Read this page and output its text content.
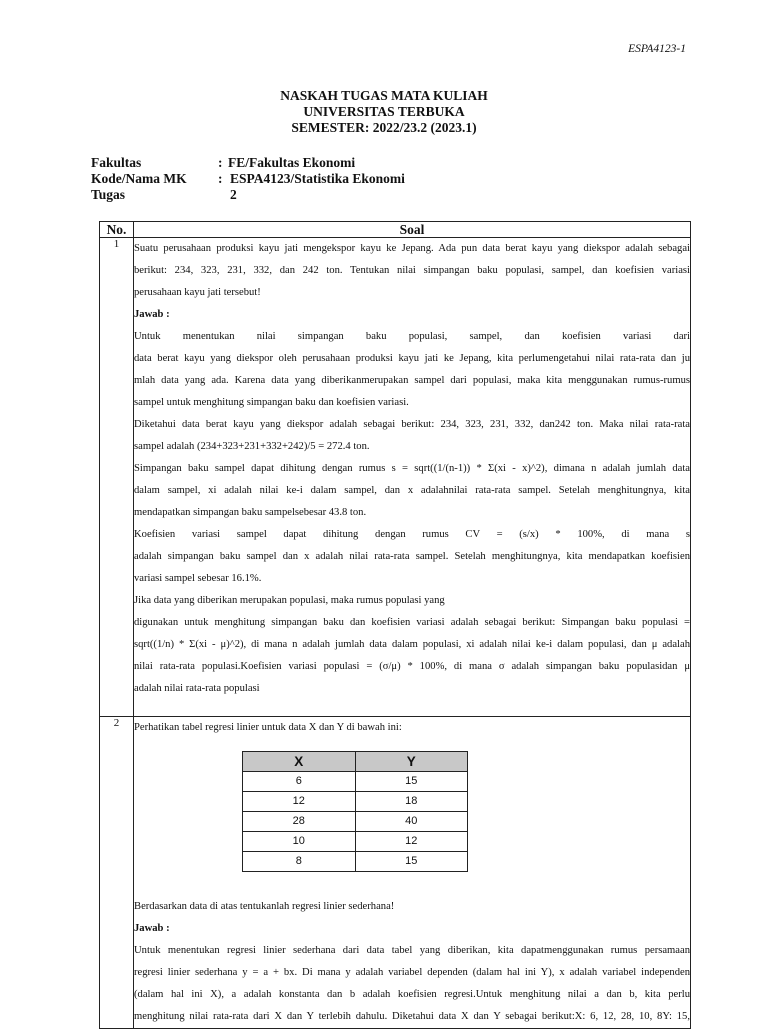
ESPA4123-1
NASKAH TUGAS MATA KULIAH
UNIVERSITAS TERBUKA
SEMESTER: 2022/23.2 (2023.1)
Fakultas	: FE/Fakultas Ekonomi
Kode/Nama MK	: ESPA4123/Statistika Ekonomi
Tugas	2
No.	Soal
1	Suatu perusahaan produksi kayu jati mengekspor kayu ke Jepang. Ada pun data berat kayu yang diekspor adalah sebagai
berikut: 234, 323, 231, 332, dan 242 ton. Tentukan nilai simpangan baku populasi, sampel, dan koefisien variasi
perusahaan kayu jati tersebut!
Jawab :
Untuk menentukan nilai simpangan baku populasi, sampel, dan koefisien variasi dari
data berat kayu yang diekspor oleh perusahaan produksi kayu jati ke Jepang, kita perlumengetahui nilai rata-rata dan ju
mlah data yang ada. Karena data yang diberikanmerupakan sampel dari populasi, maka kita menggunakan rumus-rumus
sampel untuk menghitung simpangan baku dan koefisien variasi.
Diketahui data berat kayu yang diekspor adalah sebagai berikut: 234, 323, 231, 332, dan242 ton. Maka nilai rata-rata
sampel adalah (234+323+231+332+242)/5 = 272.4 ton.
Simpangan baku sampel dapat dihitung dengan rumus s = sqrt((1/(n-1)) * Σ(xi - x)^2), dimana n adalah jumlah data
dalam sampel, xi adalah nilai ke-i dalam sampel, dan x adalahnilai rata-rata sampel. Setelah menghitungnya, kita
mendapatkan simpangan baku sampelsebesar 43.8 ton.
Koefisien variasi sampel dapat dihitung dengan rumus CV = (s/x) * 100%, di mana s
adalah simpangan baku sampel dan x adalah nilai rata-rata sampel. Setelah menghitungnya, kita mendapatkan koefisien
variasi sampel sebesar 16.1%.
Jika data yang diberikan merupakan populasi, maka rumus populasi yang
digunakan untuk menghitung simpangan baku dan koefisien variasi adalah sebagai berikut: Simpangan baku populasi =
sqrt((1/n) * Σ(xi - μ)^2), di mana n adalah jumlah data dalam populasi, xi adalah nilai ke-i dalam populasi, dan μ adalah
nilai rata-rata populasi.Koefisien variasi populasi = (σ/μ) * 100%, di mana σ adalah simpangan baku populasidan μ
adalah nilai rata-rata populasi

2	Perhatikan tabel regresi linier untuk data X dan Y di bawah ini:
X	Y
6	15
12	18
28	40
10	12
8	15
Berdasarkan data di atas tentukanlah regresi linier sederhana!
Jawab :
Untuk menentukan regresi linier sederhana dari data tabel yang diberikan, kita dapatmenggunakan rumus persamaan
regresi linier sederhana y = a + bx. Di mana y adalah variabel dependen (dalam hal ini Y), x adalah variabel independen
(dalam hal ini X), a adalah konstanta dan b adalah koefisien regresi.Untuk menghitung nilai a dan b, kita perlu
menghitung nilai rata-rata dari X dan Y terlebih dahulu. Diketahui data X dan Y sebagai berikut:X: 6, 12, 28, 10, 8Y: 15,
